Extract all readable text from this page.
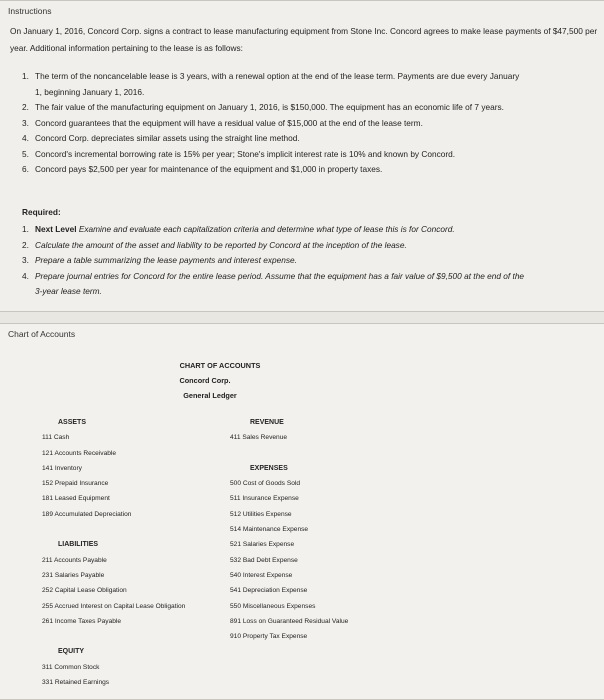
Instructions

On January 1, 2016, Concord Corp. signs a contract to lease manufacturing equipment from Stone Inc. Concord agrees to make lease payments of $47,500 per year. Additional information pertaining to the lease is as follows:

1. The term of the noncancelable lease is 3 years, with a renewal option at the end of the lease term. Payments are due every January 1, beginning January 1, 2016.
2. The fair value of the manufacturing equipment on January 1, 2016, is $150,000. The equipment has an economic life of 7 years.
3. Concord guarantees that the equipment will have a residual value of $15,000 at the end of the lease term.
4. Concord Corp. depreciates similar assets using the straight line method.
5. Concord's incremental borrowing rate is 15% per year; Stone's implicit interest rate is 10% and known by Concord.
6. Concord pays $2,500 per year for maintenance of the equipment and $1,000 in property taxes.
Required:
1. Next Level Examine and evaluate each capitalization criteria and determine what type of lease this is for Concord.
2. Calculate the amount of the asset and liability to be reported by Concord at the inception of the lease.
3. Prepare a table summarizing the lease payments and interest expense.
4. Prepare journal entries for Concord for the entire lease period. Assume that the equipment has a fair value of $9,500 at the end of the 3-year lease term.
Chart of Accounts
CHART OF ACCOUNTS
Concord Corp.
General Ledger
ASSETS
111 Cash
121 Accounts Receivable
141 Inventory
152 Prepaid Insurance
181 Leased Equipment
189 Accumulated Depreciation
LIABILITIES
211 Accounts Payable
231 Salaries Payable
252 Capital Lease Obligation
255 Accrued Interest on Capital Lease Obligation
261 Income Taxes Payable
EQUITY
311 Common Stock
331 Retained Earnings
REVENUE
411 Sales Revenue
EXPENSES
500 Cost of Goods Sold
511 Insurance Expense
512 Utilities Expense
514 Maintenance Expense
521 Salaries Expense
532 Bad Debt Expense
540 Interest Expense
541 Depreciation Expense
550 Miscellaneous Expenses
891 Loss on Guaranteed Residual Value
910 Property Tax Expense
